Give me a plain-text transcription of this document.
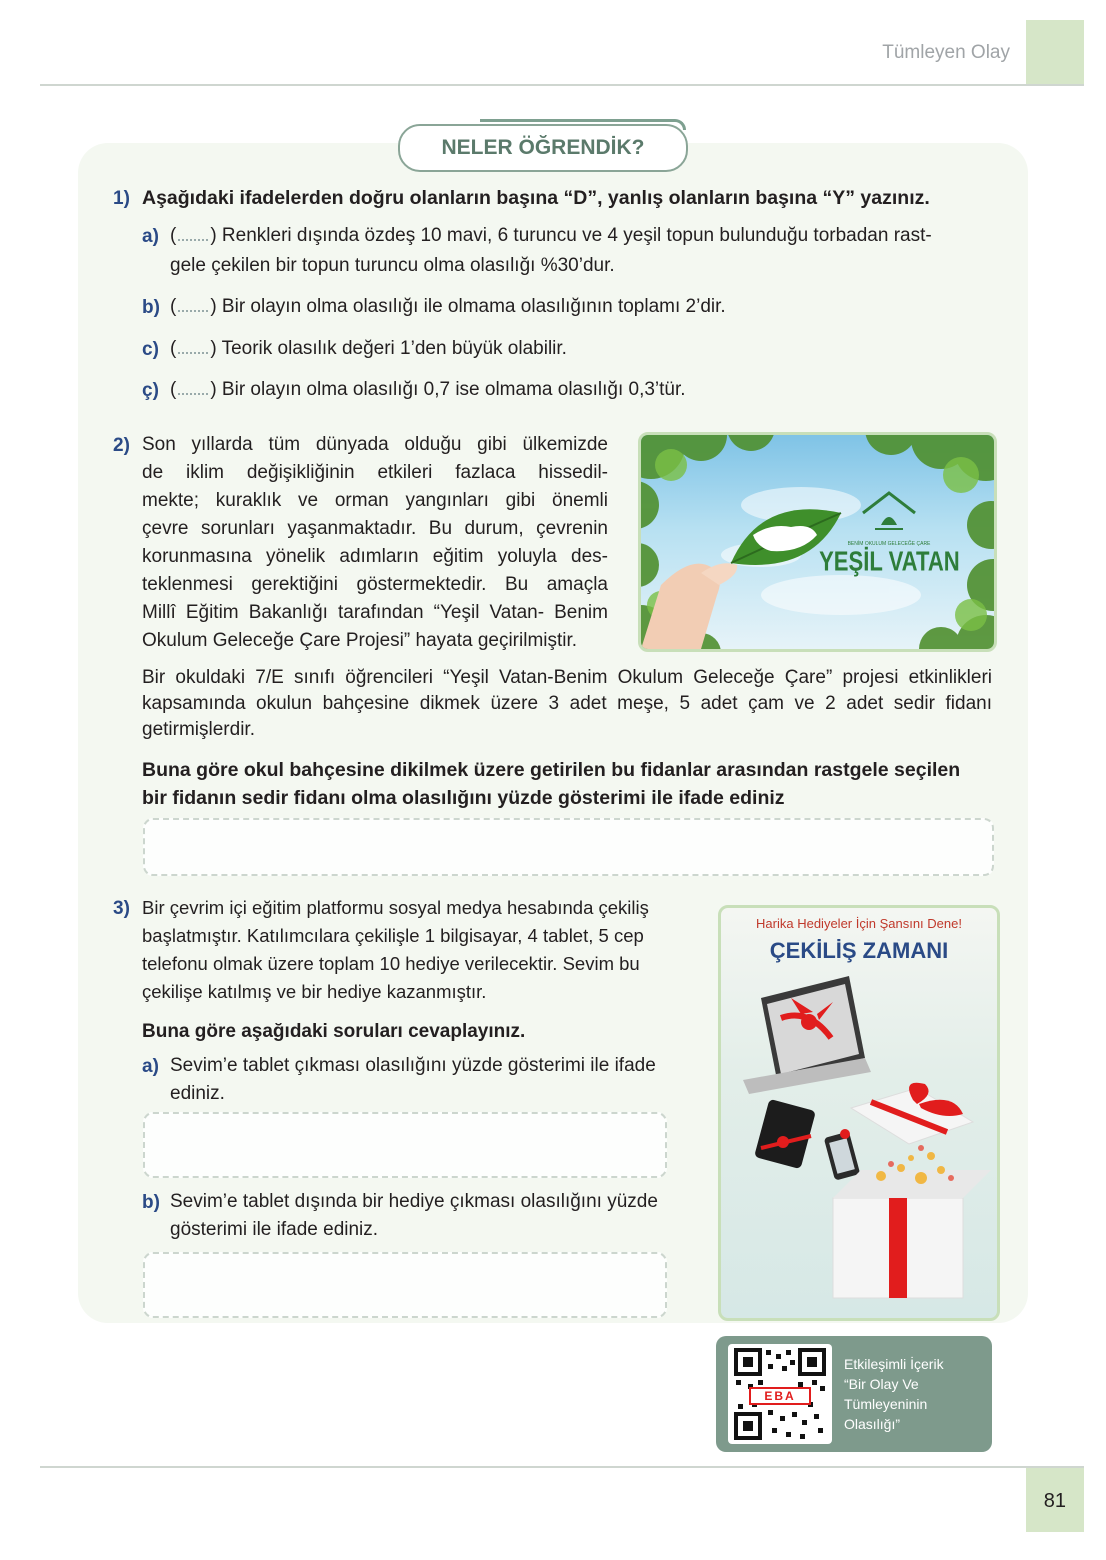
Tümleyen Olay
NELER ÖĞRENDİK?
1) Aşağıdaki ifadelerden doğru olanların başına “D”, yanlış olanların başına “Y” yazınız.
a) ( ) Renkleri dışında özdeş 10 mavi, 6 turuncu ve 4 yeşil topun bulunduğu torbadan rast-
gele çekilen bir topun turuncu olma olasılığı %30’dur.
b) ( ) Bir olayın olma olasılığı ile olmama olasılığının toplamı 2’dir.
c) ( ) Teorik olasılık değeri 1’den büyük olabilir.
ç) ( ) Bir olayın olma olasılığı 0,7 ise olmama olasılığı 0,3’tür.
2) Son yıllarda tüm dünyada olduğu gibi ülkemizde
de iklim değişikliğinin etkileri fazlaca hissedil-
mekte; kuraklık ve orman yangınları gibi önemli
çevre sorunları yaşanmaktadır. Bu durum, çevrenin
korunmasına yönelik adımların eğitim yoluyla des-
teklenmesi gerektiğini göstermektedir. Bu amaçla
Millî Eğitim Bakanlığı tarafından “Yeşil Vatan- Benim
Okulum Geleceğe Çare Projesi” hayata geçirilmiştir.
BENİM OKULUM GELECEĞE ÇARE
YEŞİL VATAN
Bir okuldaki 7/E sınıfı öğrencileri “Yeşil Vatan-Benim Okulum Geleceğe Çare” projesi etkinlikleri
kapsamında okulun bahçesine dikmek üzere 3 adet meşe, 5 adet çam ve 2 adet sedir fidanı
getirmişlerdir.
Buna göre okul bahçesine dikilmek üzere getirilen bu fidanlar arasından rastgele seçilen
bir fidanın sedir fidanı olma olasılığını yüzde gösterimi ile ifade ediniz
3) Bir çevrim içi eğitim platformu sosyal medya hesabında çekiliş
başlatmıştır. Katılımcılara çekilişle 1 bilgisayar, 4 tablet, 5 cep
telefonu olmak üzere toplam 10 hediye verilecektir. Sevim bu
çekilişe katılmış ve bir hediye kazanmıştır.
Buna göre aşağıdaki soruları cevaplayınız.
a) Sevim’e tablet çıkması olasılığını yüzde gösterimi ile ifade
ediniz.
b) Sevim’e tablet dışında bir hediye çıkması olasılığını yüzde
gösterimi ile ifade ediniz.
Harika Hediyeler İçin Şansını Dene!
ÇEKİLİŞ ZAMANI
EBA
Etkileşimli İçerik
“Bir Olay Ve
Tümleyeninin
Olasılığı”
81
